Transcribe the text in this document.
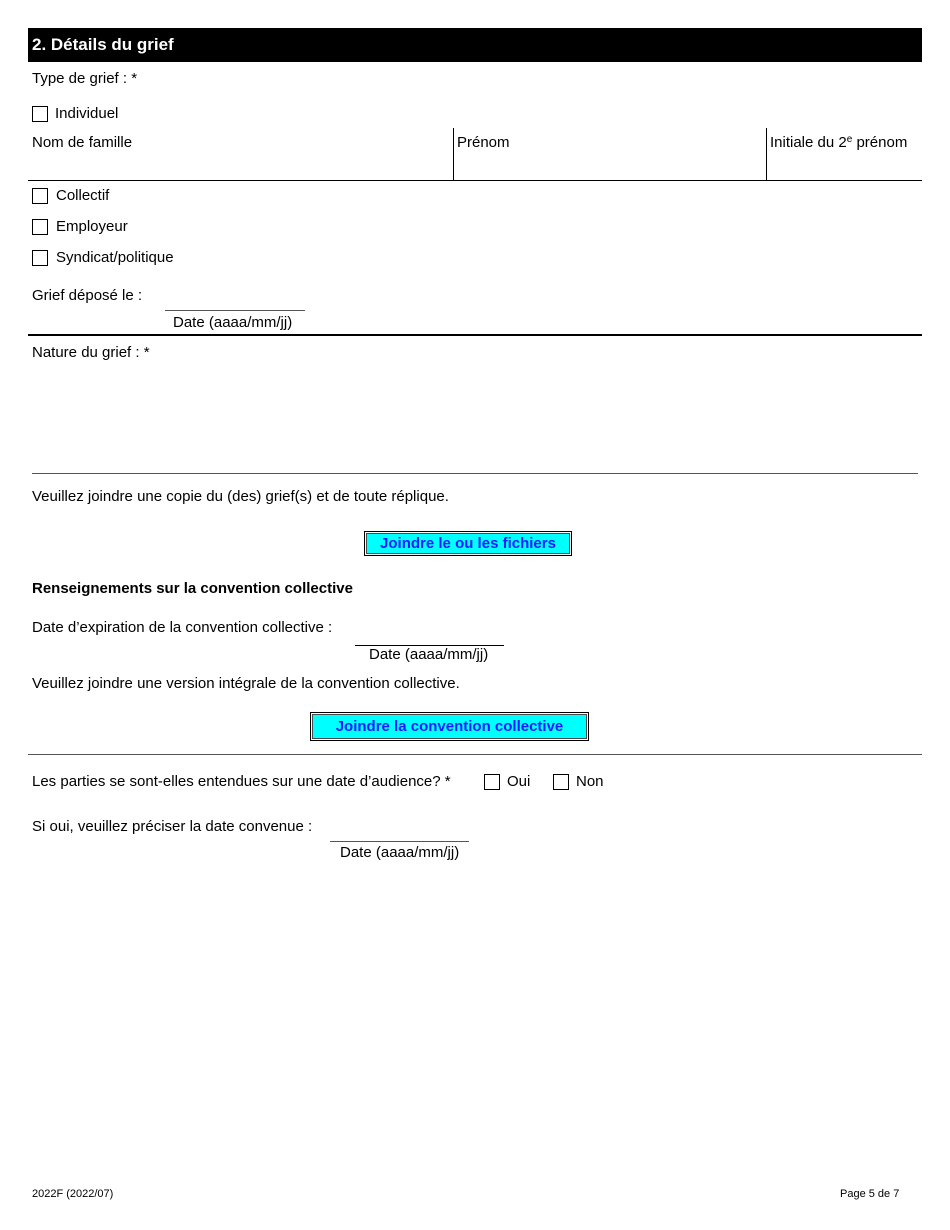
2. Détails du grief
Type de grief : *
Individuel
Nom de famille	Prénom	Initiale du 2e prénom
Collectif
Employeur
Syndicat/politique
Grief déposé le :
Date (aaaa/mm/jj)
Nature du grief : *
Veuillez joindre une copie du (des) grief(s) et de toute réplique.
Joindre le ou les fichiers
Renseignements sur la convention collective
Date d’expiration de la convention collective :
Date (aaaa/mm/jj)
Veuillez joindre une version intégrale de la convention collective.
Joindre la convention collective
Les parties se sont-elles entendues sur une date d’audience? *	Oui	Non
Si oui, veuillez préciser la date convenue :
Date (aaaa/mm/jj)
2022F (2022/07)	Page 5 de 7
